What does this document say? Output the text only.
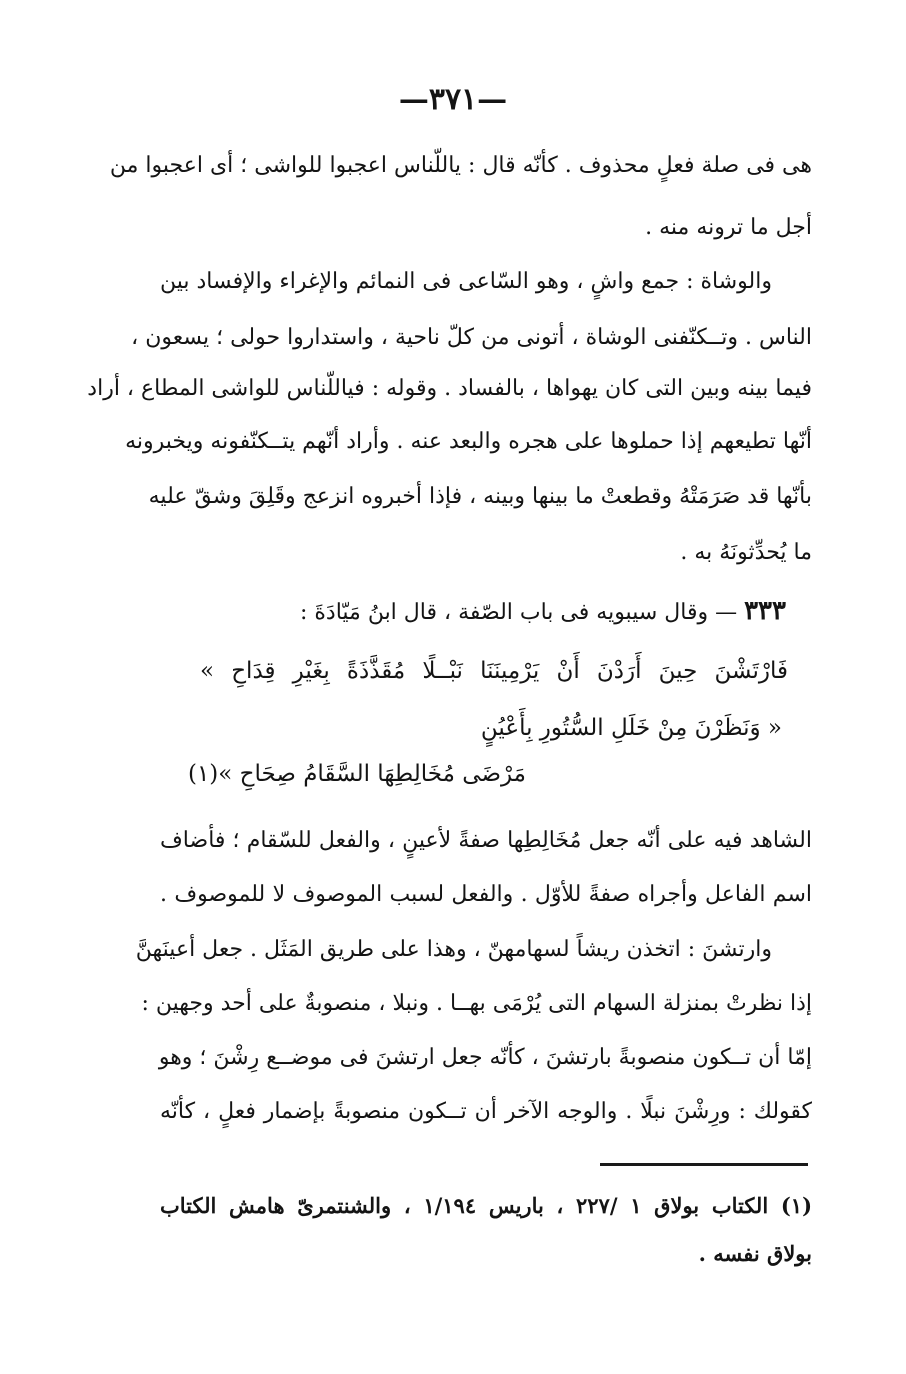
—٣٧١—
هى فى صلة فعلٍ محذوف . كأنّه قال : ياللّناس اعجبوا للواشى ؛ أى اعجبوا من
أجل ما ترونه منه .
والوشاة : جمع واشٍ ، وهو السّاعى فى النمائم والإغراء والإفساد بين
الناس . وتــكنّفنى الوشاة ، أتونى من كلّ ناحية ، واستداروا حولى ؛ يسعون ،
فيما بينه وبين التى كان يهواها ، بالفساد . وقوله : فياللّناس للواشى المطاع ، أراد
أنّها تطيعهم إذا حملوها على هجره والبعد عنه . وأراد أنّهم يتــكنّفونه ويخبرونه
بأنّها قد صَرَمَتْهُ وقطعتْ ما بينها وبينه ، فإذا أخبروه انزعج وقَلِقَ وشقّ عليه
ما يُحدِّثونَهُ به .
٣٣٣ — وقال سيبويه فى باب الصّفة ، قال ابنُ مَيّادَةَ :
فَارْتَشْنَ حِينَ أَرَدْنَ أَنْ يَرْمِينَنَا نَبْــلًا مُقَذَّذَةً بِغَيْرِ قِدَاحِ »
« وَنَظَرْنَ مِنْ خَلَلِ السُّتُورِ بِأَعْيُنٍ
مَرْضَى مُخَالِطِهَا السَّقَامُ صِحَاحِ »(١)
الشاهد فيه على أنّه جعل مُخَالِطِها صفةً لأعينٍ ، والفعل للسّقام ؛ فأضاف
اسم الفاعل وأجراه صفةً للأوّل . والفعل لسبب الموصوف لا للموصوف .
وارتشنَ : اتخذن ريشاً لسهامهنّ ، وهذا على طريق المَثَل . جعل أعينَهنَّ
إذا نظرتْ بمنزلة السهام التى يُرْمَى بهــا . ونبلا ، منصوبةٌ على أحد وجهين :
إمّا أن تــكون منصوبةً بارتشنَ ، كأنّه جعل ارتشنَ فى موضــع رِشْنَ ؛ وهو
كقولك : ورِشْنَ نبلًا . والوجه الآخر أن تــكون منصوبةً بإضمار فعلٍ ، كأنّه
(١) الكتاب بولاق ١ /٢٢٧ ، باريس ١/١٩٤ ، والشنتمرىّ هامش الكتاب
بولاق نفسه .
